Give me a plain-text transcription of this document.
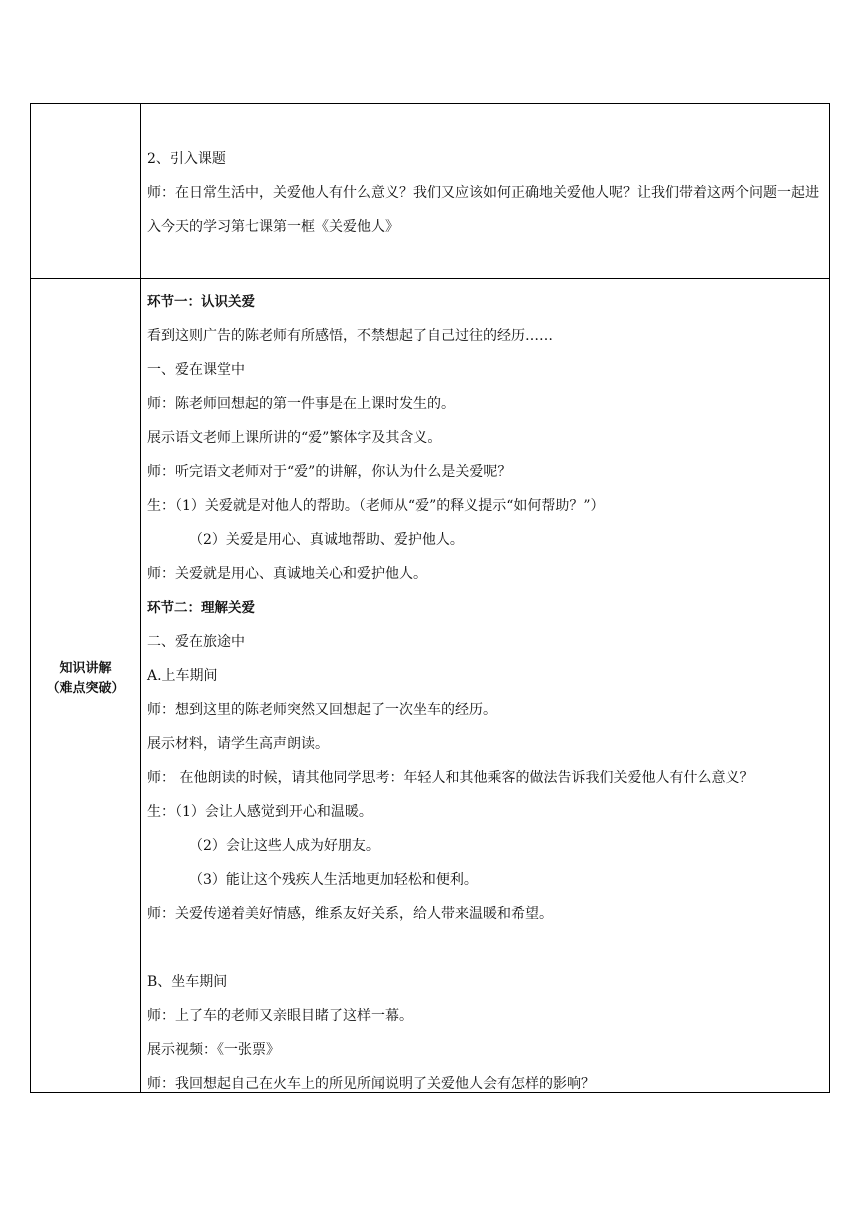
2、引入课题
师：在日常生活中，关爱他人有什么意义？我们又应该如何正确地关爱他人呢？让我们带着这两个问题一起进入今天的学习第七课第一框《关爱他人》
知识讲解
（难点突破）
环节一：认识关爱
看到这则广告的陈老师有所感悟，不禁想起了自己过往的经历……
一、爱在课堂中
师：陈老师回想起的第一件事是在上课时发生的。
展示语文老师上课所讲的“爱”繁体字及其含义。
师：听完语文老师对于“爱”的讲解，你认为什么是关爱呢？
生：（1）关爱就是对他人的帮助。（老师从“爱”的释义提示“如何帮助？”）
（2）关爱是用心、真诚地帮助、爱护他人。
师：关爱就是用心、真诚地关心和爱护他人。
环节二：理解关爱
二、爱在旅途中
A.上车期间
师：想到这里的陈老师突然又回想起了一次坐车的经历。
展示材料，请学生高声朗读。
师： 在他朗读的时候，请其他同学思考：年轻人和其他乘客的做法告诉我们关爱他人有什么意义？
生：（1）会让人感觉到开心和温暖。
（2）会让这些人成为好朋友。
（3）能让这个残疾人生活地更加轻松和便利。
师：关爱传递着美好情感，维系友好关系，给人带来温暖和希望。
B、坐车期间
师：上了车的老师又亲眼目睹了这样一幕。
展示视频：《一张票》
师：我回想起自己在火车上的所见所闻说明了关爱他人会有怎样的影响？
